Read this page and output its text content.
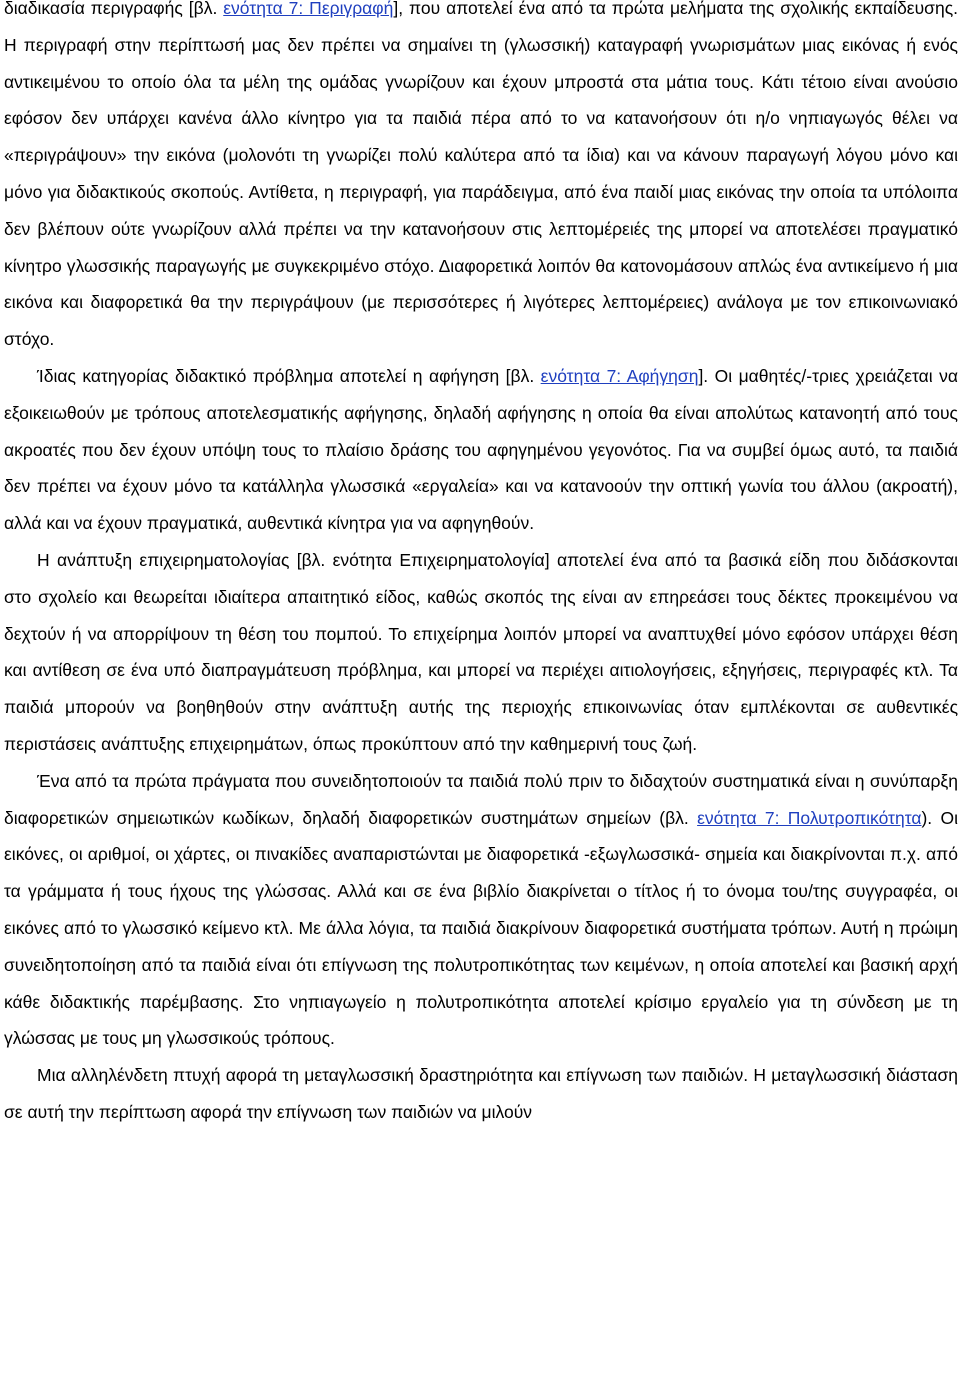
διαδικασία περιγραφής [βλ. ενότητα 7: Περιγραφή], που αποτελεί ένα από τα πρώτα μελήματα της σχολικής εκπαίδευσης. Η περιγραφή στην περίπτωσή μας δεν πρέπει να σημαίνει τη (γλωσσική) καταγραφή γνωρισμάτων μιας εικόνας ή ενός αντικειμένου το οποίο όλα τα μέλη της ομάδας γνωρίζουν και έχουν μπροστά στα μάτια τους. Κάτι τέτοιο είναι ανούσιο εφόσον δεν υπάρχει κανένα άλλο κίνητρο για τα παιδιά πέρα από το να κατανοήσουν ότι η/ο νηπιαγωγός θέλει να «περιγράψουν» την εικόνα (μολονότι τη γνωρίζει πολύ καλύτερα από τα ίδια) και να κάνουν παραγωγή λόγου μόνο και μόνο για διδακτικούς σκοπούς. Αντίθετα, η περιγραφή, για παράδειγμα, από ένα παιδί μιας εικόνας την οποία τα υπόλοιπα δεν βλέπουν ούτε γνωρίζουν αλλά πρέπει να την κατανοήσουν στις λεπτομέρειές της μπορεί να αποτελέσει πραγματικό κίνητρο γλωσσικής παραγωγής με συγκεκριμένο στόχο. Διαφορετικά λοιπόν θα κατονομάσουν απλώς ένα αντικείμενο ή μια εικόνα και διαφορετικά θα την περιγράψουν (με περισσότερες ή λιγότερες λεπτομέρειες) ανάλογα με τον επικοινωνιακό στόχο.

Ίδιας κατηγορίας διδακτικό πρόβλημα αποτελεί η αφήγηση [βλ. ενότητα 7: Αφήγηση]. Οι μαθητές/-τριες χρειάζεται να εξοικειωθούν με τρόπους αποτελεσματικής αφήγησης, δηλαδή αφήγησης η οποία θα είναι απολύτως κατανοητή από τους ακροατές που δεν έχουν υπόψη τους το πλαίσιο δράσης του αφηγημένου γεγονότος. Για να συμβεί όμως αυτό, τα παιδιά δεν πρέπει να έχουν μόνο τα κατάλληλα γλωσσικά «εργαλεία» και να κατανοούν την οπτική γωνία του άλλου (ακροατή), αλλά και να έχουν πραγματικά, αυθεντικά κίνητρα για να αφηγηθούν.

Η ανάπτυξη επιχειρηματολογίας [βλ. ενότητα Επιχειρηματολογία] αποτελεί ένα από τα βασικά είδη που διδάσκονται στο σχολείο και θεωρείται ιδιαίτερα απαιτητικό είδος, καθώς σκοπός της είναι αν επηρεάσει τους δέκτες προκειμένου να δεχτούν ή να απορρίψουν τη θέση του πομπού. Το επιχείρημα λοιπόν μπορεί να αναπτυχθεί μόνο εφόσον υπάρχει θέση και αντίθεση σε ένα υπό διαπραγμάτευση πρόβλημα, και μπορεί να περιέχει αιτιολογήσεις, εξηγήσεις, περιγραφές κτλ. Τα παιδιά μπορούν να βοηθηθούν στην ανάπτυξη αυτής της περιοχής επικοινωνίας όταν εμπλέκονται σε αυθεντικές περιστάσεις ανάπτυξης επιχειρημάτων, όπως προκύπτουν από την καθημερινή τους ζωή.

Ένα από τα πρώτα πράγματα που συνειδητοποιούν τα παιδιά πολύ πριν το διδαχτούν συστηματικά είναι η συνύπαρξη διαφορετικών σημειωτικών κωδίκων, δηλαδή διαφορετικών συστημάτων σημείων (βλ. ενότητα 7: Πολυτροπικότητα). Οι εικόνες, οι αριθμοί, οι χάρτες, οι πινακίδες αναπαριστώνται με διαφορετικά -εξωγλωσσικά- σημεία και διακρίνονται π.χ. από τα γράμματα ή τους ήχους της γλώσσας. Αλλά και σε ένα βιβλίο διακρίνεται ο τίτλος ή το όνομα του/της συγγραφέα, οι εικόνες από το γλωσσικό κείμενο κτλ. Με άλλα λόγια, τα παιδιά διακρίνουν διαφορετικά συστήματα τρόπων. Αυτή η πρώιμη συνειδητοποίηση από τα παιδιά είναι ότι επίγνωση της πολυτροπικότητας των κειμένων, η οποία αποτελεί και βασική αρχή κάθε διδακτικής παρέμβασης. Στο νηπιαγωγείο η πολυτροπικότητα αποτελεί κρίσιμο εργαλείο για τη σύνδεση με τη γλώσσας με τους μη γλωσσικούς τρόπους.

Μια αλληλένδετη πτυχή αφορά τη μεταγλωσσική δραστηριότητα και επίγνωση των παιδιών. Η μεταγλωσσική διάσταση σε αυτή την περίπτωση αφορά την επίγνωση των παιδιών να μιλούν
